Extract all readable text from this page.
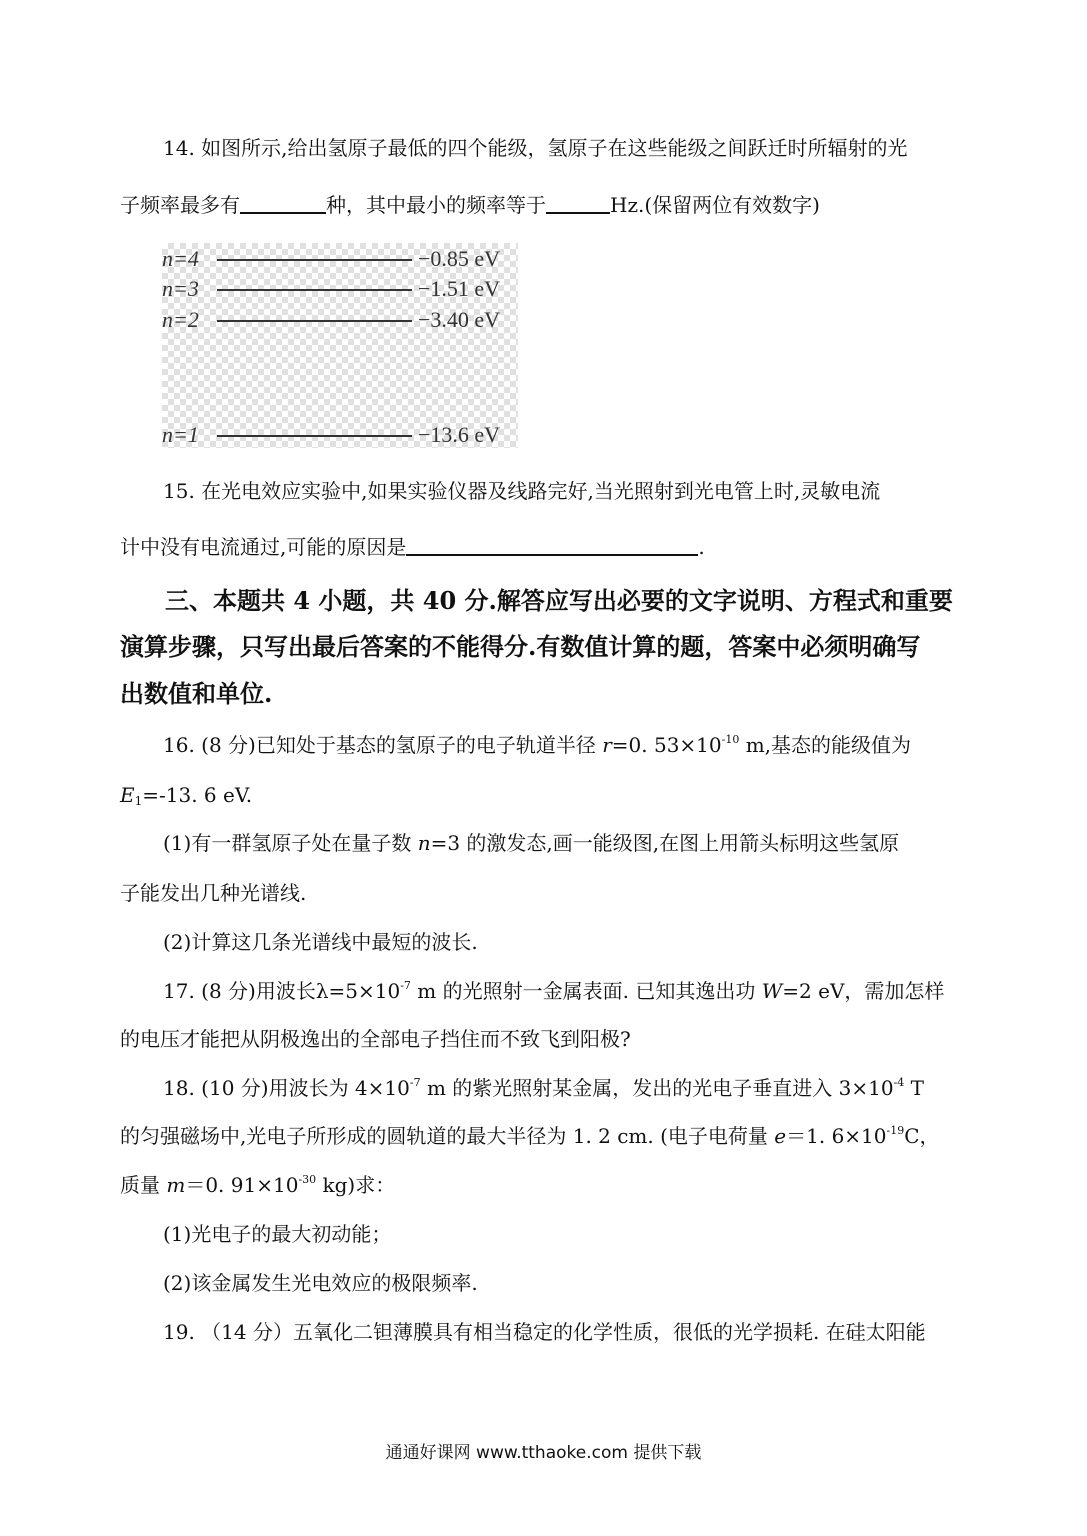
14. 如图所示,给出氢原子最低的四个能级，氢原子在这些能级之间跃迁时所辐射的光
子频率最多有	种，其中最小的频率等于	Hz.(保留两位有效数字)
n=4	−0.85 eV
n=3	−1.51 eV
n=2	−3.40 eV
n=1	−13.6 eV
15. 在光电效应实验中,如果实验仪器及线路完好,当光照射到光电管上时,灵敏电流
计中没有电流通过,可能的原因是	.
三、本题共 4 小题，共 40 分.解答应写出必要的文字说明、方程式和重要
演算步骤，只写出最后答案的不能得分.有数值计算的题，答案中必须明确写
出数值和单位.
16. (8 分)已知处于基态的氢原子的电子轨道半径 r=0. $53\times 10^{-10}$ m,基态的能级值为
$E_1=-13$. 6 eV.
(1)有一群氢原子处在量子数 n=3 的激发态,画一能级图,在图上用箭头标明这些氢原
子能发出几种光谱线.
(2)计算这几条光谱线中最短的波长.
17. (8 分)用波长$\lambda=5\times 10^{-7}$ m 的光照射一金属表面. 已知其逸出功 W=2 eV，需加怎样
的电压才能把从阴极逸出的全部电子挡住而不致飞到阳极?
18. (10 分)用波长为 $4\times 10^{-7}$ m 的紫光照射某金属，发出的光电子垂直进入 $3\times 10^{-4}$ T
的匀强磁场中,光电子所形成的圆轨道的最大半径为 1. 2 cm. (电子电荷量 e＝1. $6\times 10^{-19}C$，
质量 m＝0. $91\times 10^{-30}$ kg)求：
(1)光电子的最大初动能；
(2)该金属发生光电效应的极限频率.
19. （14 分）五氧化二钽薄膜具有相当稳定的化学性质，很低的光学损耗. 在硅太阳能
通通好课网 www.tthaoke.com 提供下载
